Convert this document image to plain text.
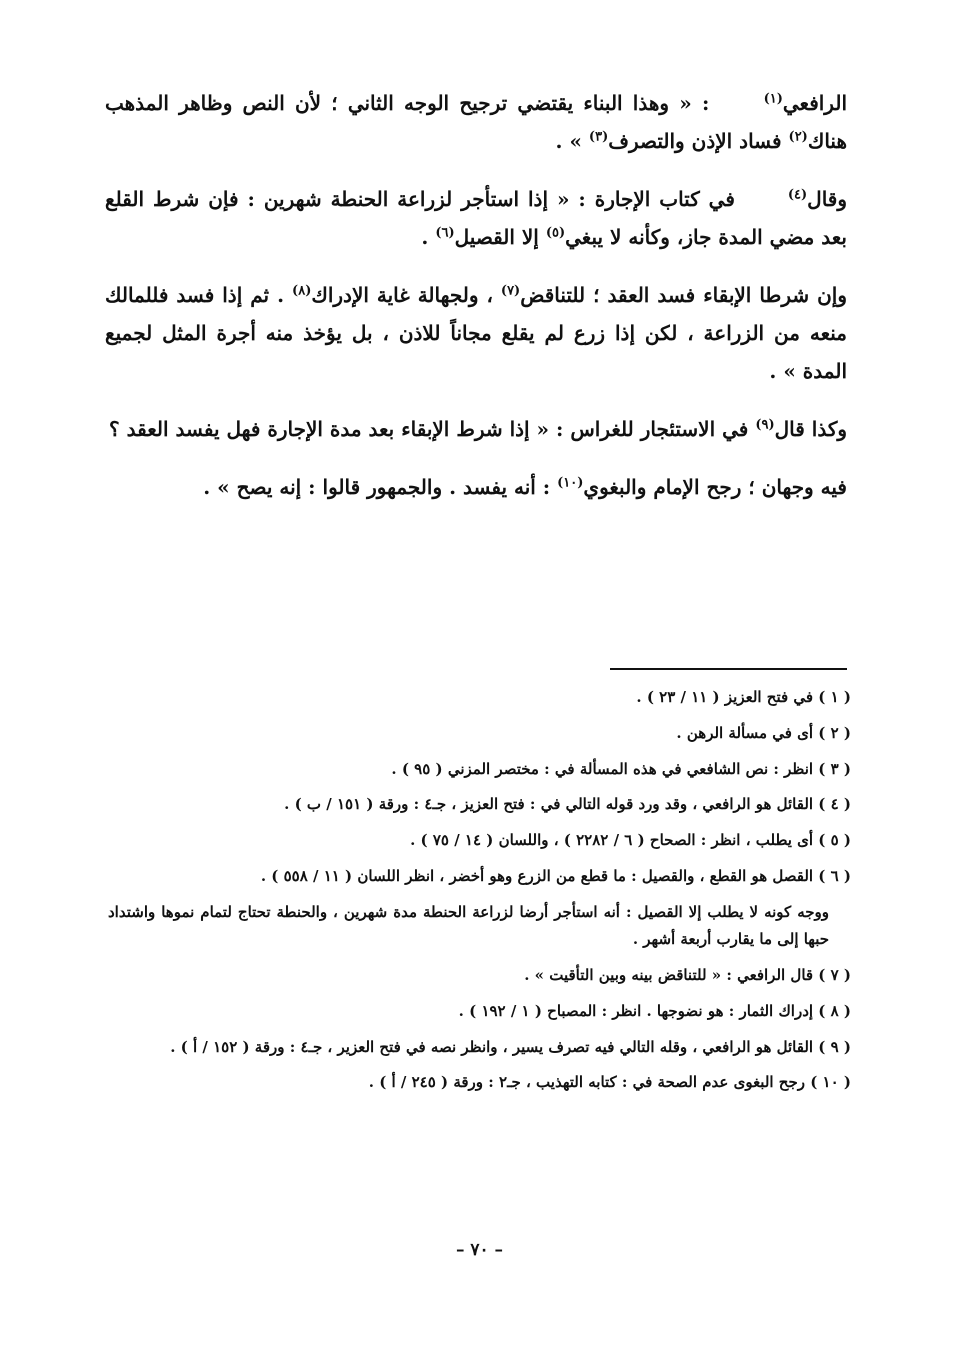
الرافعي$^{(١)}$ : « وهذا البناء يقتضي ترجيح الوجه الثاني ؛ لأن النص وظاهر المذهب هناك$^{(٢)}$ فساد الإذن والتصرف$^{(٣)}$ » .

وقال$^{(٤)}$ في كتاب الإجارة : « إذا استأجر لزراعة الحنطة شهرين : فإن شرط القلع بعد مضي المدة جاز، وكأنه لا يبغي$^{(٥)}$ إلا القصيل$^{(٦)}$ .

وإن شرطا الإبقاء فسد العقد ؛ للتناقض$^{(٧)}$ ، ولجهالة غاية الإدراك$^{(٨)}$ . ثم إذا فسد فللمالك منعه من الزراعة ، لكن إذا زرع لم يقلع مجاناً للاذن ، بل يؤخذ منه أجرة المثل لجميع المدة » .

وكذا قال$^{(٩)}$ في الاستئجار للغراس : « إذا شرط الإبقاء بعد مدة الإجارة فهل يفسد العقد ؟

فيه وجهان ؛ رجح الإمام والبغوي$^{(١٠)}$ : أنه يفسد . والجمهور قالوا : إنه يصح » .

( ١ ) في فتح العزيز ( ١١ / ٢٣ ) .

( ٢ ) أى في مسألة الرهن .

( ٣ ) انظر : نص الشافعي في هذه المسألة في : مختصر المزني ( ٩٥ ) .

( ٤ ) القائل هو الرافعي ، وقد ورد قوله التالي في : فتح العزيز ، جـ٤ : ورقة ( ١٥١ / ب ) .

( ٥ ) أى يطلب ، انظر : الصحاح ( ٦ / ٢٢٨٢ ) ، واللسان ( ١٤ / ٧٥ ) .

( ٦ ) القصل هو القطع ، والقصيل : ما قطع من الزرع وهو أخضر ، انظر اللسان ( ١١ / ٥٥٨ ) .

ووجه كونه لا يطلب إلا القصيل : أنه استأجر أرضا لزراعة الحنطة مدة شهرين ، والحنطة تحتاج لتمام نموها واشتداد حبها إلى ما يقارب أربعة أشهر .

( ٧ ) قال الرافعي : « للتناقض بينه وبين التأقيت » .

( ٨ ) إدراك الثمار : هو نضوجها . انظر : المصباح ( ١ / ١٩٢ ) .

( ٩ ) القائل هو الرافعي ، وقله التالي فيه تصرف يسير ، وانظر نصه في فتح العزير ، جـ٤ : ورقة ( ١٥٢ / أ ) .

( ١٠ ) رجح البغوى عدم الصحة في : كتابه التهذيب ، جـ٢ : ورقة ( ٢٤٥ / أ ) .

– ٧٠ –
